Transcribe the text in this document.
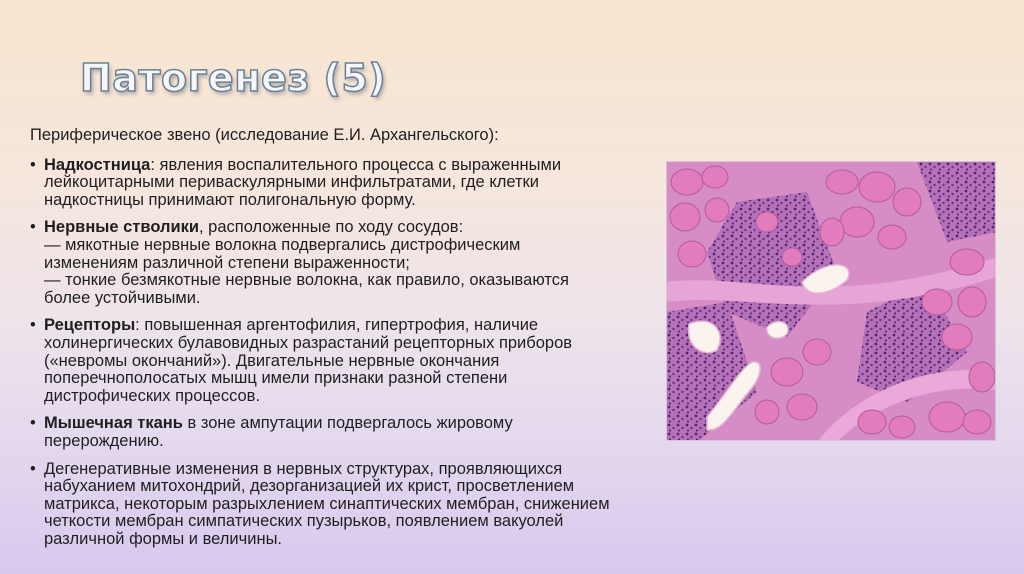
Патогенез (5)
Периферическое звено (исследование Е.И. Архангельского):
• Надкостница: явления воспалительного процесса с выраженными
лейкоцитарными периваскулярными инфильтратами, где клетки
надкостницы принимают полигональную форму.
• Нервные стволики, расположенные по ходу сосудов:
— мякотные нервные волокна подвергались дистрофическим
изменениям различной степени выраженности;
— тонкие безмякотные нервные волокна, как правило, оказываются
более устойчивыми.
• Рецепторы: повышенная аргентофилия, гипертрофия, наличие
холинергических булавовидных разрастаний рецепторных приборов
(«невромы окончаний»). Двигательные нервные окончания
поперечнополосатых мышц имели признаки разной степени
дистрофических процессов.
• Мышечная ткань в зоне ампутации подвергалось жировому
перерождению.
• Дегенеративные изменения в нервных структурах, проявляющихся
набуханием митохондрий, дезорганизацией их крист, просветлением
матрикса, некоторым разрыхлением синаптических мембран, снижением
четкости мембран симпатических пузырьков, появлением вакуолей
различной формы и величины.
